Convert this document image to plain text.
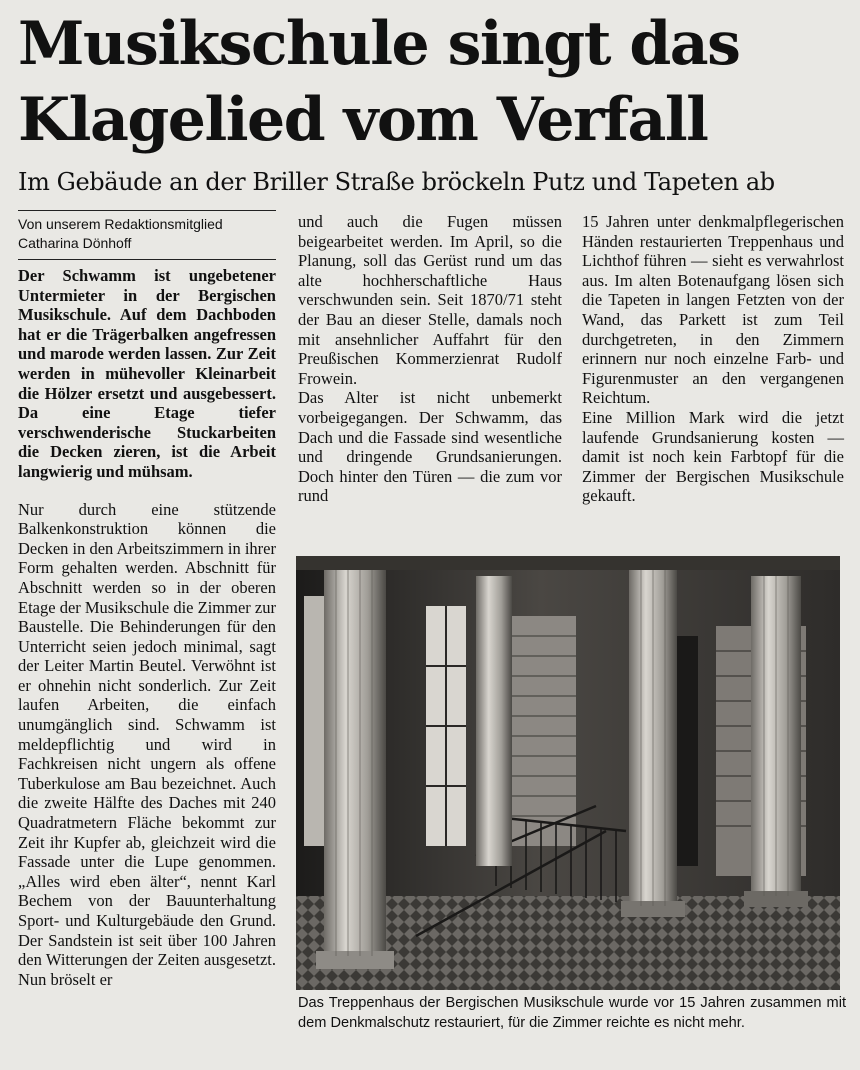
Musikschule singt das
Klagelied vom Verfall
Im Gebäude an der Briller Straße bröckeln Putz und Tapeten ab
Von unserem Redaktionsmitglied
Catharina Dönhoff

Der Schwamm ist ungebetener Untermieter in der Bergischen Musikschule. Auf dem Dachboden hat er die Trägerbalken angefressen und marode werden lassen. Zur Zeit werden in mühevoller Kleinarbeit die Hölzer ersetzt und ausgebessert. Da eine Etage tiefer verschwenderische Stuckarbeiten die Decken zieren, ist die Arbeit langwierig und mühsam.

Nur durch eine stützende Balkenkonstruktion können die Decken in den Arbeitszimmern in ihrer Form gehalten werden. Abschnitt für Abschnitt werden so in der oberen Etage der Musikschule die Zimmer zur Baustelle. Die Behinderungen für den Unterricht seien jedoch minimal, sagt der Leiter Martin Beutel. Verwöhnt ist er ohnehin nicht sonderlich. Zur Zeit laufen Arbeiten, die einfach unumgänglich sind. Schwamm ist meldepflichtig und wird in Fachkreisen nicht ungern als offene Tuberkulose am Bau bezeichnet. Auch die zweite Hälfte des Daches mit 240 Quadratmetern Fläche bekommt zur Zeit ihr Kupfer ab, gleichzeit wird die Fassade unter die Lupe genommen. „Alles wird eben älter“, nennt Karl Bechem von der Bauunterhaltung Sport- und Kulturgebäude den Grund. Der Sandstein ist seit über 100 Jahren den Witterungen der Zeiten ausgesetzt. Nun bröselt er

und auch die Fugen müssen beigearbeitet werden. Im April, so die Planung, soll das Gerüst rund um das alte hochherschaftliche Haus verschwunden sein. Seit 1870/71 steht der Bau an dieser Stelle, damals noch mit ansehnlicher Auffahrt für den Preußischen Kommerzienrat Rudolf Frowein.

Das Alter ist nicht unbemerkt vorbeigegangen. Der Schwamm, das Dach und die Fassade sind wesentliche und dringende Grundsanierungen. Doch hinter den Türen — die zum vor rund

15 Jahren unter denkmalpflegerischen Händen restaurierten Treppenhaus und Lichthof führen — sieht es verwahrlost aus. Im alten Botenaufgang lösen sich die Tapeten in langen Fetzten von der Wand, das Parkett ist zum Teil durchgetreten, in den Zimmern erinnern nur noch einzelne Farb- und Figurenmuster an den vergangenen Reichtum.

Eine Million Mark wird die jetzt laufende Grundsanierung kosten — damit ist noch kein Farbtopf für die Zimmer der Bergischen Musikschule gekauft.

Das Treppenhaus der Bergischen Musikschule wurde vor 15 Jahren zusammen mit dem Denkmalschutz restauriert, für die Zimmer reichte es nicht mehr.
